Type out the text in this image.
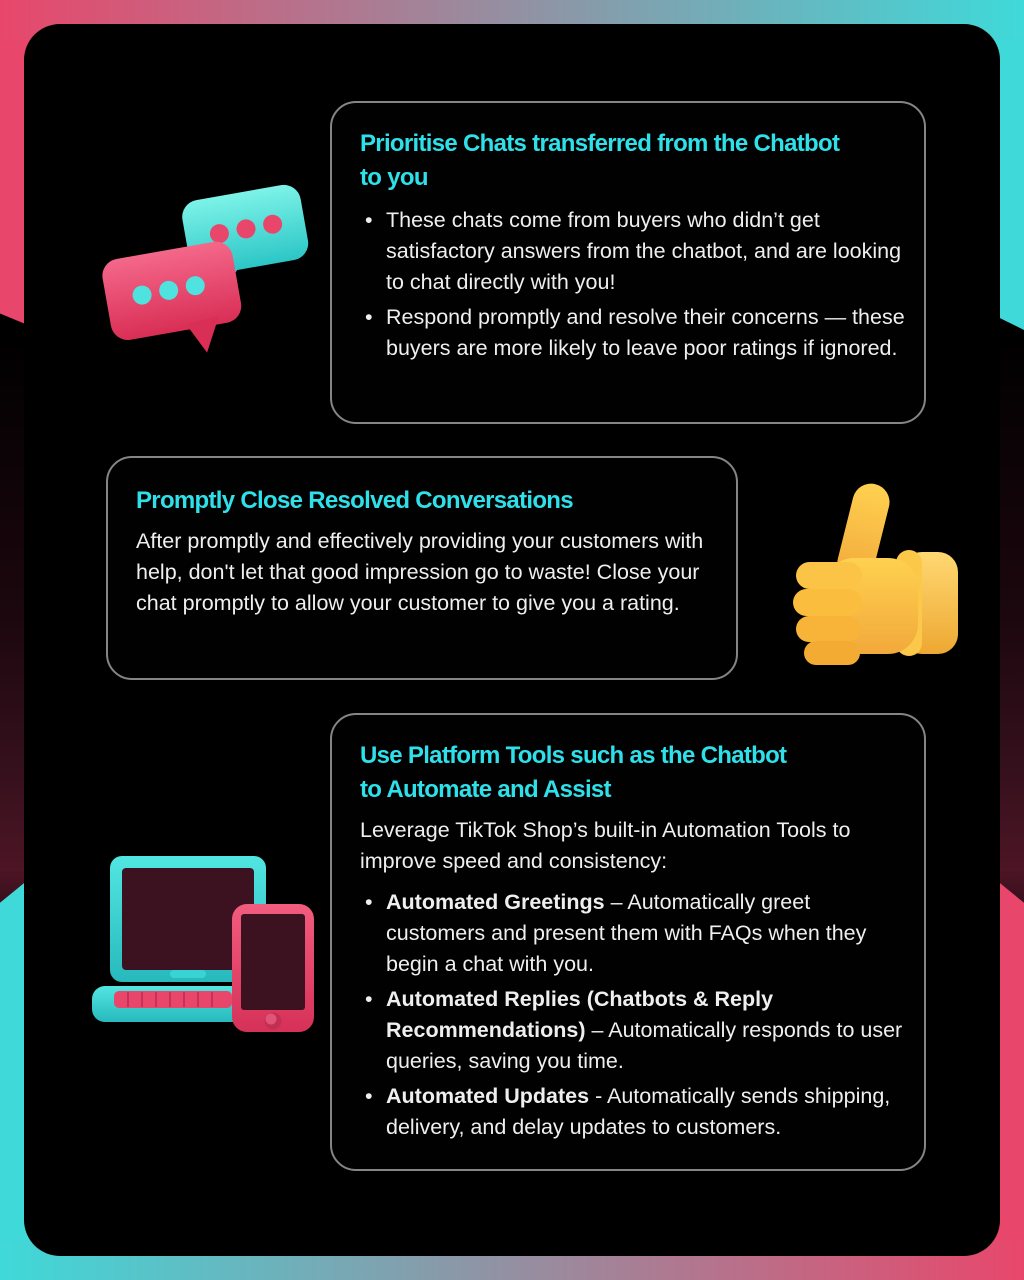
Prioritise Chats transferred from the Chatbot
to you
• These chats come from buyers who didn’t get satisfactory answers from the chatbot, and are looking to chat directly with you!
• Respond promptly and resolve their concerns — these buyers are more likely to leave poor ratings if ignored.
Promptly Close Resolved Conversations

After promptly and effectively providing your customers with help, don't let that good impression go to waste! Close your chat promptly to allow your customer to give you a rating.

Use Platform Tools such as the Chatbot
to Automate and Assist

Leverage TikTok Shop’s built-in Automation Tools to improve speed and consistency:

• Automated Greetings – Automatically greet customers and present them with FAQs when they begin a chat with you.
• Automated Replies (Chatbots & Reply Recommendations) – Automatically responds to user queries, saving you time.
• Automated Updates - Automatically sends shipping, delivery, and delay updates to customers.
